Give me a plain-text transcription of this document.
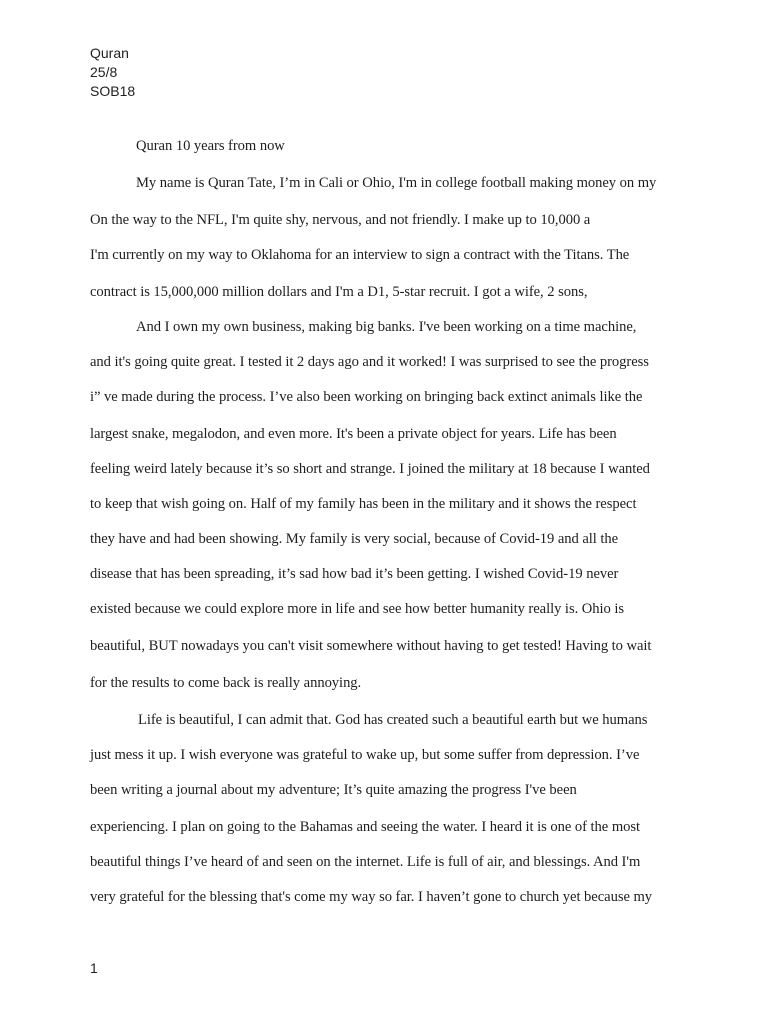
Quran
25/8
SOB18
Quran 10 years from now
My name is Quran Tate, I’m in Cali or Ohio, I'm in college football making money on my
On the way to the NFL, I'm quite shy, nervous, and not friendly. I make up to 10,000 a
I'm currently on my way to Oklahoma for an interview to sign a contract with the Titans. The
contract is 15,000,000 million dollars and I'm a D1, 5-star recruit. I got a wife, 2 sons,
And I own my own business, making big banks. I've been working on a time machine,
and it's going quite great. I tested it 2 days ago and it worked! I was surprised to see the progress
i” ve made during the process. I’ve also been working on bringing back extinct animals like the
largest snake, megalodon, and even more. It's been a private object for years. Life has been
feeling weird lately because it’s so short and strange. I joined the military at 18 because I wanted
to keep that wish going on. Half of my family has been in the military and it shows the respect
they have and had been showing. My family is very social, because of Covid-19 and all the
disease that has been spreading, it’s sad how bad it’s been getting. I wished Covid-19 never
existed because we could explore more in life and see how better humanity really is. Ohio is
beautiful, BUT nowadays you can't visit somewhere without having to get tested! Having to wait
for the results to come back is really annoying.
Life is beautiful, I can admit that. God has created such a beautiful earth but we humans
just mess it up. I wish everyone was grateful to wake up, but some suffer from depression. I’ve
been writing a journal about my adventure; It’s quite amazing the progress I've been
experiencing. I plan on going to the Bahamas and seeing the water. I heard it is one of the most
beautiful things I’ve heard of and seen on the internet. Life is full of air, and blessings. And I'm
very grateful for the blessing that's come my way so far. I haven’t gone to church yet because my
1
